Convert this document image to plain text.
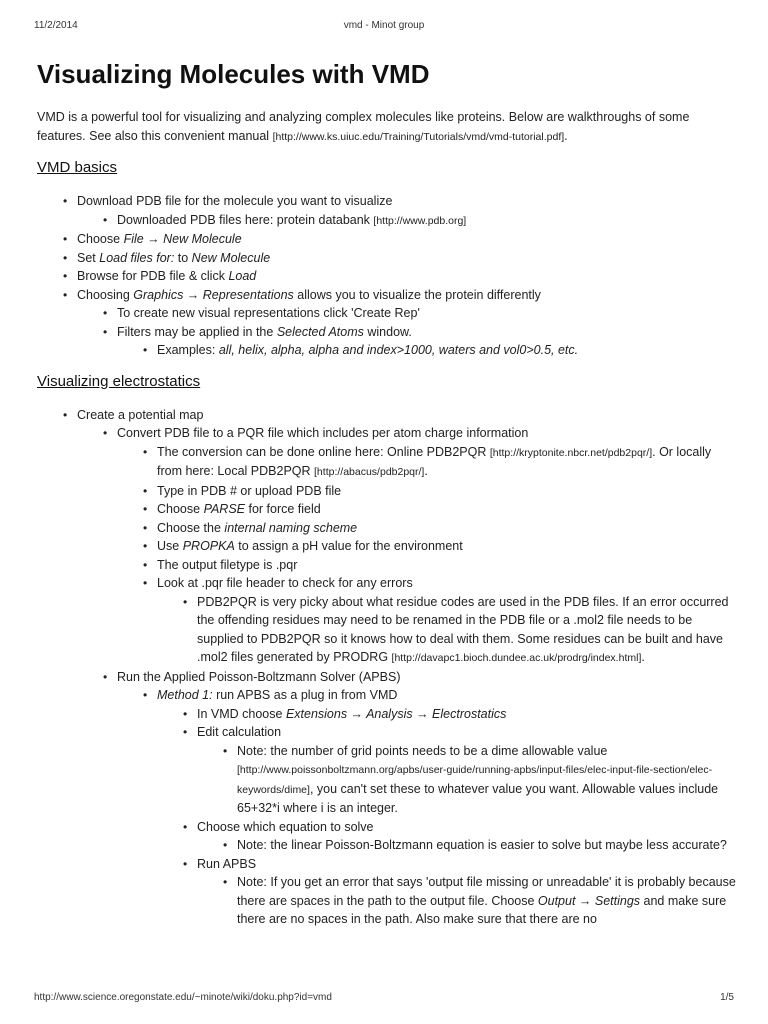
11/2/2014	vmd - Minot group
Visualizing Molecules with VMD

VMD is a powerful tool for visualizing and analyzing complex molecules like proteins. Below are walkthroughs of some features. See also this convenient manual [http://www.ks.uiuc.edu/Training/Tutorials/vmd/vmd-tutorial.pdf].

VMD basics
• Download PDB file for the molecule you want to visualize
• Downloaded PDB files here: protein databank [http://www.pdb.org]
• Choose File → New Molecule
• Set Load files for: to New Molecule
• Browse for PDB file & click Load
• Choosing Graphics → Representations allows you to visualize the protein differently
• To create new visual representations click 'Create Rep'
• Filters may be applied in the Selected Atoms window.
• Examples: all, helix, alpha, alpha and index>1000, waters and vol0>0.5, etc.
Visualizing electrostatics
• Create a potential map
• Convert PDB file to a PQR file which includes per atom charge information
• The conversion can be done online here: Online PDB2PQR [http://kryptonite.nbcr.net/pdb2pqr/]. Or locally from here: Local PDB2PQR [http://abacus/pdb2pqr/].
• Type in PDB # or upload PDB file
• Choose PARSE for force field
• Choose the internal naming scheme
• Use PROPKA to assign a pH value for the environment
• The output filetype is .pqr
• Look at .pqr file header to check for any errors
• PDB2PQR is very picky about what residue codes are used in the PDB files. If an error occurred the offending residues may need to be renamed in the PDB file or a .mol2 file needs to be supplied to PDB2PQR so it knows how to deal with them. Some residues can be built and have .mol2 files generated by PRODRG [http://davapc1.bioch.dundee.ac.uk/prodrg/index.html].
• Run the Applied Poisson-Boltzmann Solver (APBS)
• Method 1: run APBS as a plug in from VMD
• In VMD choose Extensions → Analysis → Electrostatics
• Edit calculation
• Note: the number of grid points needs to be a dime allowable value [http://www.poissonboltzmann.org/apbs/user-guide/running-apbs/input-files/elec-input-file-section/elec-keywords/dime], you can't set these to whatever value you want. Allowable values include 65+32*i where i is an integer.
• Choose which equation to solve
• Note: the linear Poisson-Boltzmann equation is easier to solve but maybe less accurate?
• Run APBS
• Note: If you get an error that says 'output file missing or unreadable' it is probably because there are spaces in the path to the output file. Choose Output → Settings and make sure there are no spaces in the path. Also make sure that there are no
http://www.science.oregonstate.edu/~minote/wiki/doku.php?id=vmd	1/5
